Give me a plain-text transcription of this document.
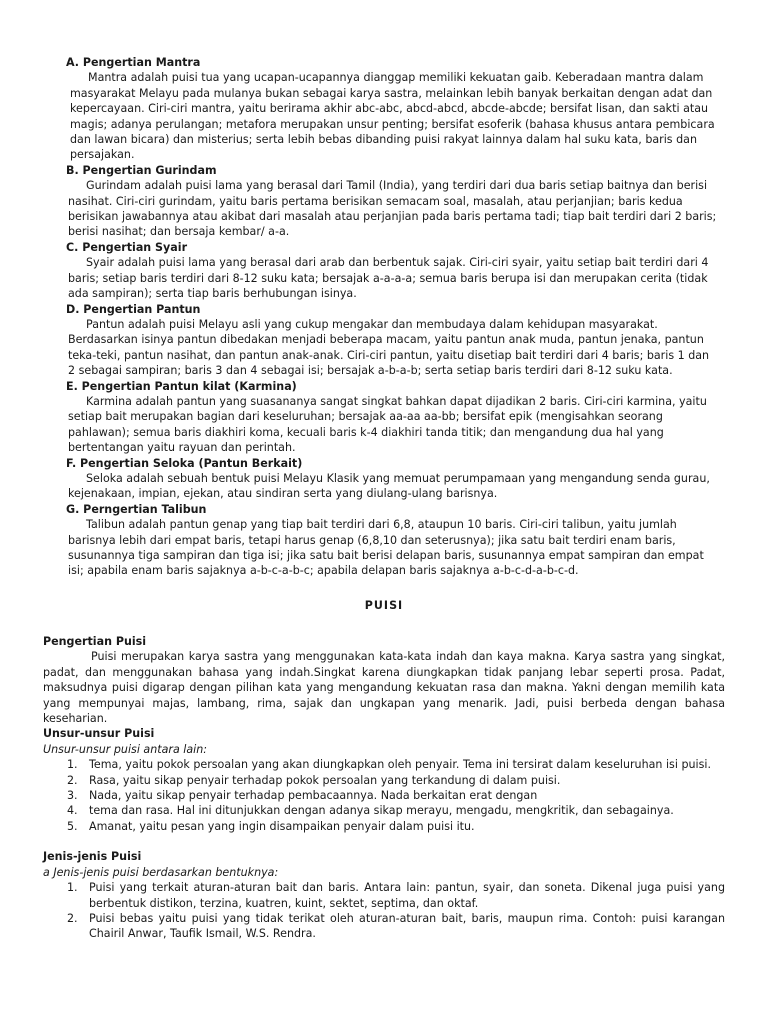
A. Pengertian Mantra

Mantra adalah puisi tua yang ucapan-ucapannya dianggap memiliki kekuatan gaib. Keberadaan mantra dalam masyarakat Melayu pada mulanya bukan sebagai karya sastra, melainkan lebih banyak berkaitan dengan adat dan kepercayaan. Ciri-ciri mantra, yaitu berirama akhir abc-abc, abcd-abcd, abcde-abcde; bersifat lisan, dan sakti atau magis; adanya perulangan; metafora merupakan unsur penting; bersifat esoferik (bahasa khusus antara pembicara dan lawan bicara) dan misterius; serta lebih bebas dibanding puisi rakyat lainnya dalam hal suku kata, baris dan persajakan.

B. Pengertian Gurindam

Gurindam adalah puisi lama yang berasal dari Tamil (India), yang terdiri dari dua baris setiap baitnya dan berisi nasihat. Ciri-ciri gurindam, yaitu baris pertama berisikan semacam soal, masalah, atau perjanjian; baris kedua berisikan jawabannya atau akibat dari masalah atau perjanjian pada baris pertama tadi; tiap bait terdiri dari 2 baris; berisi nasihat; dan bersaja kembar/ a-a.

C. Pengertian Syair

Syair adalah puisi lama yang berasal dari arab dan berbentuk sajak. Ciri-ciri syair, yaitu setiap bait terdiri dari 4 baris; setiap baris terdiri dari 8-12 suku kata; bersajak a-a-a-a; semua baris berupa isi dan merupakan cerita (tidak ada sampiran); serta tiap baris berhubungan isinya.

D. Pengertian Pantun

Pantun adalah puisi Melayu asli yang cukup mengakar dan membudaya dalam kehidupan masyarakat. Berdasarkan isinya pantun dibedakan menjadi beberapa macam, yaitu pantun anak muda, pantun jenaka, pantun teka-teki, pantun nasihat, dan pantun anak-anak. Ciri-ciri pantun, yaitu disetiap bait terdiri dari 4 baris; baris 1 dan 2 sebagai sampiran; baris 3 dan 4 sebagai isi; bersajak a-b-a-b; serta setiap baris terdiri dari 8-12 suku kata.

E. Pengertian Pantun kilat (Karmina)

Karmina adalah pantun yang suasananya sangat singkat bahkan dapat dijadikan 2 baris. Ciri-ciri karmina, yaitu setiap bait merupakan bagian dari keseluruhan; bersajak aa-aa aa-bb; bersifat epik (mengisahkan seorang pahlawan); semua baris diakhiri koma, kecuali baris k-4 diakhiri tanda titik; dan mengandung dua hal yang bertentangan yaitu rayuan dan perintah.

F. Pengertian Seloka (Pantun Berkait)

Seloka adalah sebuah bentuk puisi Melayu Klasik yang memuat perumpamaan yang mengandung senda gurau, kejenakaan, impian, ejekan, atau sindiran serta yang diulang-ulang barisnya.

G. Perngertian Talibun

Talibun adalah pantun genap yang tiap bait terdiri dari 6,8, ataupun 10 baris. Ciri-ciri talibun, yaitu jumlah barisnya lebih dari empat baris, tetapi harus genap (6,8,10 dan seterusnya); jika satu bait terdiri enam baris, susunannya tiga sampiran dan tiga isi; jika satu bait berisi delapan baris, susunannya empat sampiran dan empat isi; apabila enam baris sajaknya a-b-c-a-b-c; apabila delapan baris sajaknya a-b-c-d-a-b-c-d.

PUISI

Pengertian Puisi

Puisi merupakan karya sastra yang menggunakan kata-kata indah dan kaya makna. Karya sastra yang singkat, padat, dan menggunakan bahasa yang indah.Singkat karena diungkapkan tidak panjang lebar seperti prosa. Padat, maksudnya puisi digarap dengan pilihan kata yang mengandung kekuatan rasa dan makna. Yakni dengan memilih kata yang mempunyai majas, lambang, rima, sajak dan ungkapan yang menarik. Jadi, puisi berbeda dengan bahasa keseharian.

Unsur-unsur Puisi

Unsur-unsur puisi antara lain:

1. Tema, yaitu pokok persoalan yang akan diungkapkan oleh penyair. Tema ini tersirat dalam keseluruhan isi puisi.
2. Rasa, yaitu sikap penyair terhadap pokok persoalan yang terkandung di dalam puisi.
3. Nada, yaitu sikap penyair terhadap pembacaannya. Nada berkaitan erat dengan
4. tema dan rasa. Hal ini ditunjukkan dengan adanya sikap merayu, mengadu, mengkritik, dan sebagainya.
5. Amanat, yaitu pesan yang ingin disampaikan penyair dalam puisi itu.

Jenis-jenis Puisi

a Jenis-jenis puisi berdasarkan bentuknya:

1. Puisi yang terkait aturan-aturan bait dan baris. Antara lain: pantun, syair, dan soneta. Dikenal juga puisi yang berbentuk distikon, terzina, kuatren, kuint, sektet, septima, dan oktaf.
2. Puisi bebas yaitu puisi yang tidak terikat oleh aturan-aturan bait, baris, maupun rima. Contoh: puisi karangan Chairil Anwar, Taufik Ismail, W.S. Rendra.
